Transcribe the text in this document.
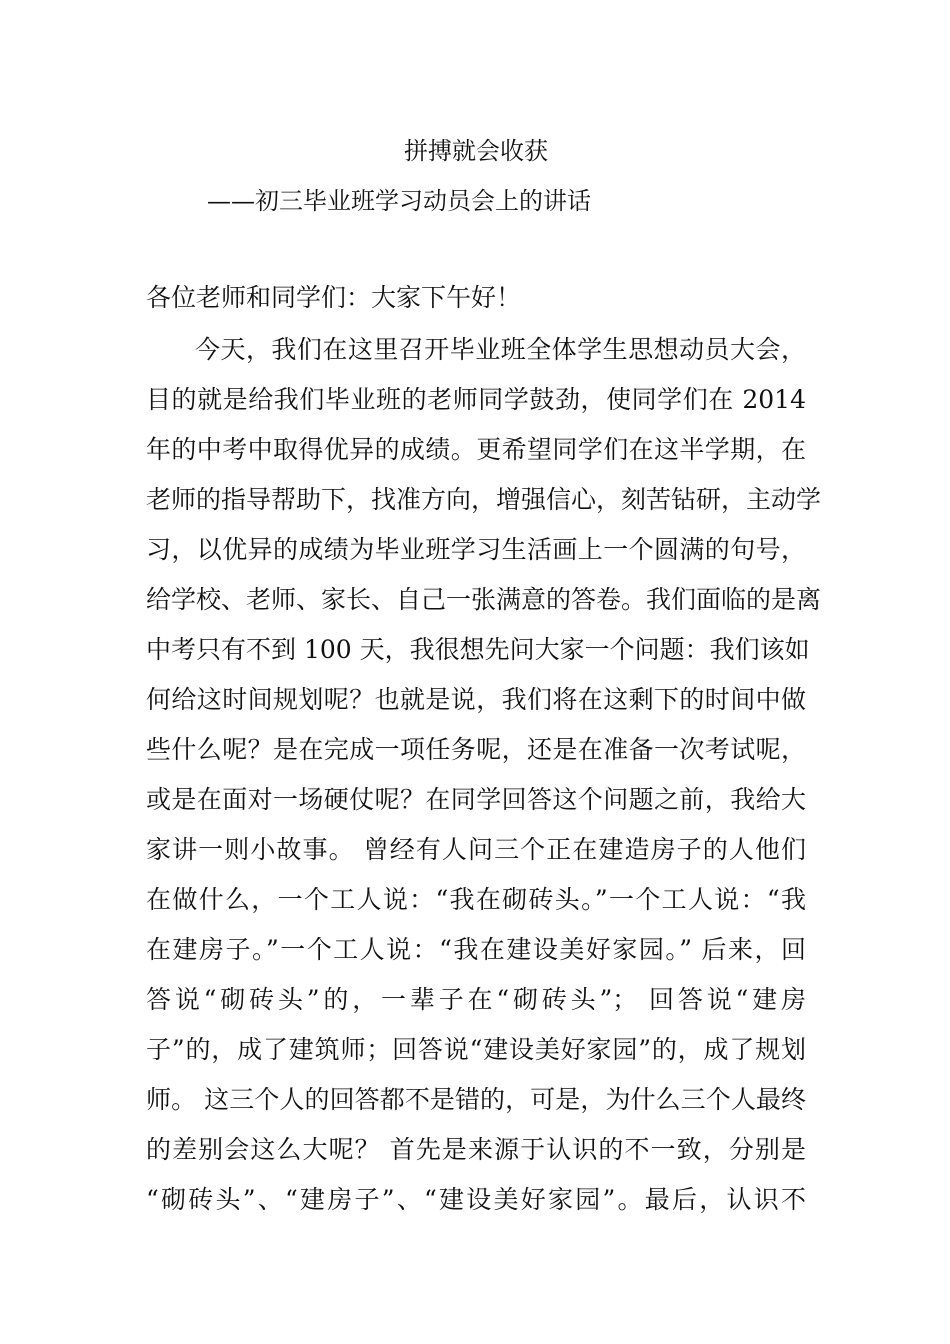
拼搏就会收获
——初三毕业班学习动员会上的讲话
各位老师和同学们：大家下午好！
今天，我们在这里召开毕业班全体学生思想动员大会，
目的就是给我们毕业班的老师同学鼓劲，使同学们在 2014
年的中考中取得优异的成绩。更希望同学们在这半学期，在
老师的指导帮助下，找准方向，增强信心，刻苦钻研，主动学
习，以优异的成绩为毕业班学习生活画上一个圆满的句号，
给学校、老师、家长、自己一张满意的答卷。我们面临的是离
中考只有不到 100 天，我很想先问大家一个问题：我们该如
何给这时间规划呢？也就是说，我们将在这剩下的时间中做
些什么呢？是在完成一项任务呢，还是在准备一次考试呢，
或是在面对一场硬仗呢？在同学回答这个问题之前，我给大
家讲一则小故事。 曾经有人问三个正在建造房子的人他们
在做什么，一个工人说：“我在砌砖头。”一个工人说：“我
在建房子。”一个工人说：“我在建设美好家园。” 后来，回
答说“砌砖头”的，一辈子在“砌砖头”； 回答说“建房
子”的，成了建筑师；回答说“建设美好家园”的，成了规划
师。 这三个人的回答都不是错的，可是，为什么三个人最终
的差别会这么大呢？ 首先是来源于认识的不一致，分别是
“砌砖头”、“建房子”、“建设美好家园”。最后，认识不
